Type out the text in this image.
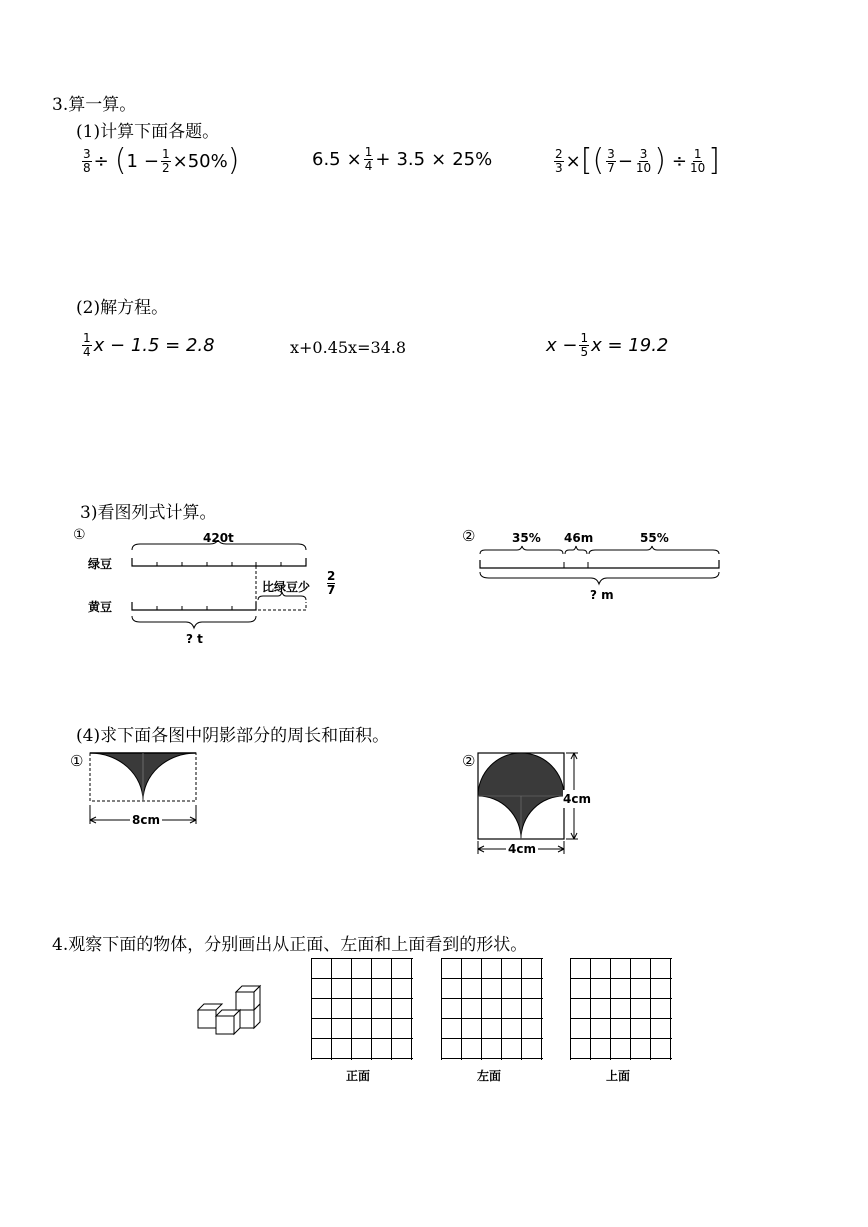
3.算一算。
(1)计算下面各题。
$\frac{3}{8}$ ÷ ( $1 - \frac{1}{2} \times 50\%$ )	$6.5 \times \frac{1}{4} + 3.5 \times 25\%$	$\frac{2}{3}$ × [ ( $\frac{3}{7} - \frac{3}{10}$ ) ÷ $\frac{1}{10}$ ]
(2)解方程。
$\frac{1}{4}$ x − 1.5 = 2.8	x+0.45x=34.8	$x - \frac{1}{5}$ x = 19.2
3)看图列式计算。
①
绿豆
黄豆
420t
比绿豆少
2
7
? t
②	35% 46m	55%
? m
(4)求下面各图中阴影部分的周长和面积。
①
8cm
②
4cm
4cm
4.观察下面的物体，分别画出从正面、左面和上面看到的形状。
正面	左面	上面
